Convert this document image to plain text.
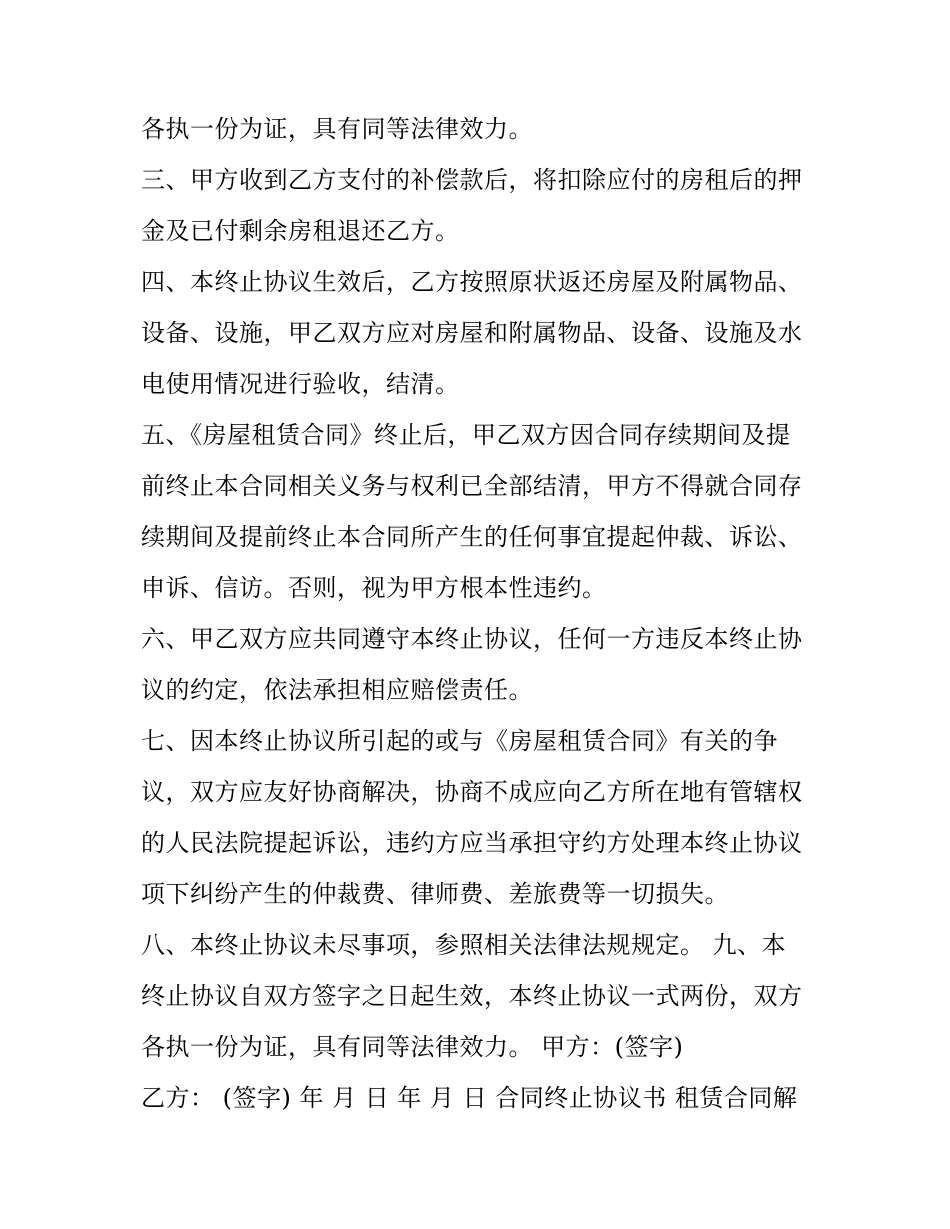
各执一份为证，具有同等法律效力。
三、甲方收到乙方支付的补偿款后，将扣除应付的房租后的押
金及已付剩余房租退还乙方。
四、本终止协议生效后，乙方按照原状返还房屋及附属物品、
设备、设施，甲乙双方应对房屋和附属物品、设备、设施及水
电使用情况进行验收，结清。
五、《房屋租赁合同》终止后，甲乙双方因合同存续期间及提
前终止本合同相关义务与权利已全部结清，甲方不得就合同存
续期间及提前终止本合同所产生的任何事宜提起仲裁、诉讼、
申诉、信访。否则，视为甲方根本性违约。
六、甲乙双方应共同遵守本终止协议，任何一方违反本终止协
议的约定，依法承担相应赔偿责任。
七、因本终止协议所引起的或与《房屋租赁合同》有关的争
议，双方应友好协商解决，协商不成应向乙方所在地有管辖权
的人民法院提起诉讼，违约方应当承担守约方处理本终止协议
项下纠纷产生的仲裁费、律师费、差旅费等一切损失。
八、本终止协议未尽事项，参照相关法律法规规定。 九、本
终止协议自双方签字之日起生效，本终止协议一式两份，双方
各执一份为证，具有同等法律效力。 甲方：(签字)
乙方： (签字) 年 月 日 年 月 日 合同终止协议书 租赁合同解
